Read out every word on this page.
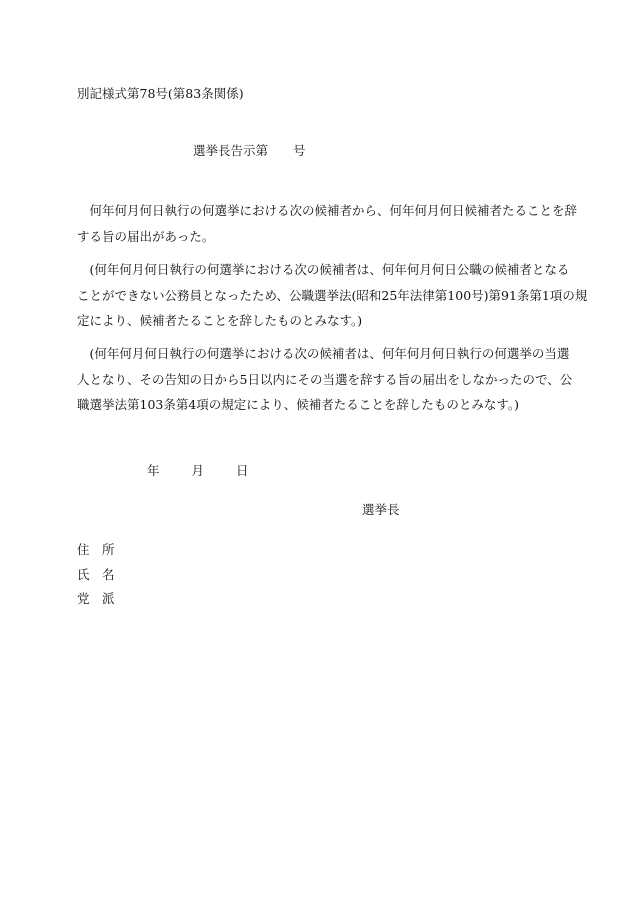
別記様式第78号(第83条関係)
選挙長告示第　　号
　何年何月何日執行の何選挙における次の候補者から、何年何月何日候補者たることを辞
する旨の届出があった。
　(何年何月何日執行の何選挙における次の候補者は、何年何月何日公職の候補者となる
ことができない公務員となったため、公職選挙法(昭和25年法律第100号)第91条第1項の規
定により、候補者たることを辞したものとみなす。)
　(何年何月何日執行の何選挙における次の候補者は、何年何月何日執行の何選挙の当選
人となり、その告知の日から5日以内にその当選を辞する旨の届出をしなかったので、公
職選挙法第103条第4項の規定により、候補者たることを辞したものとみなす。)
年	月	日
選挙長
住　所
氏　名
党　派
